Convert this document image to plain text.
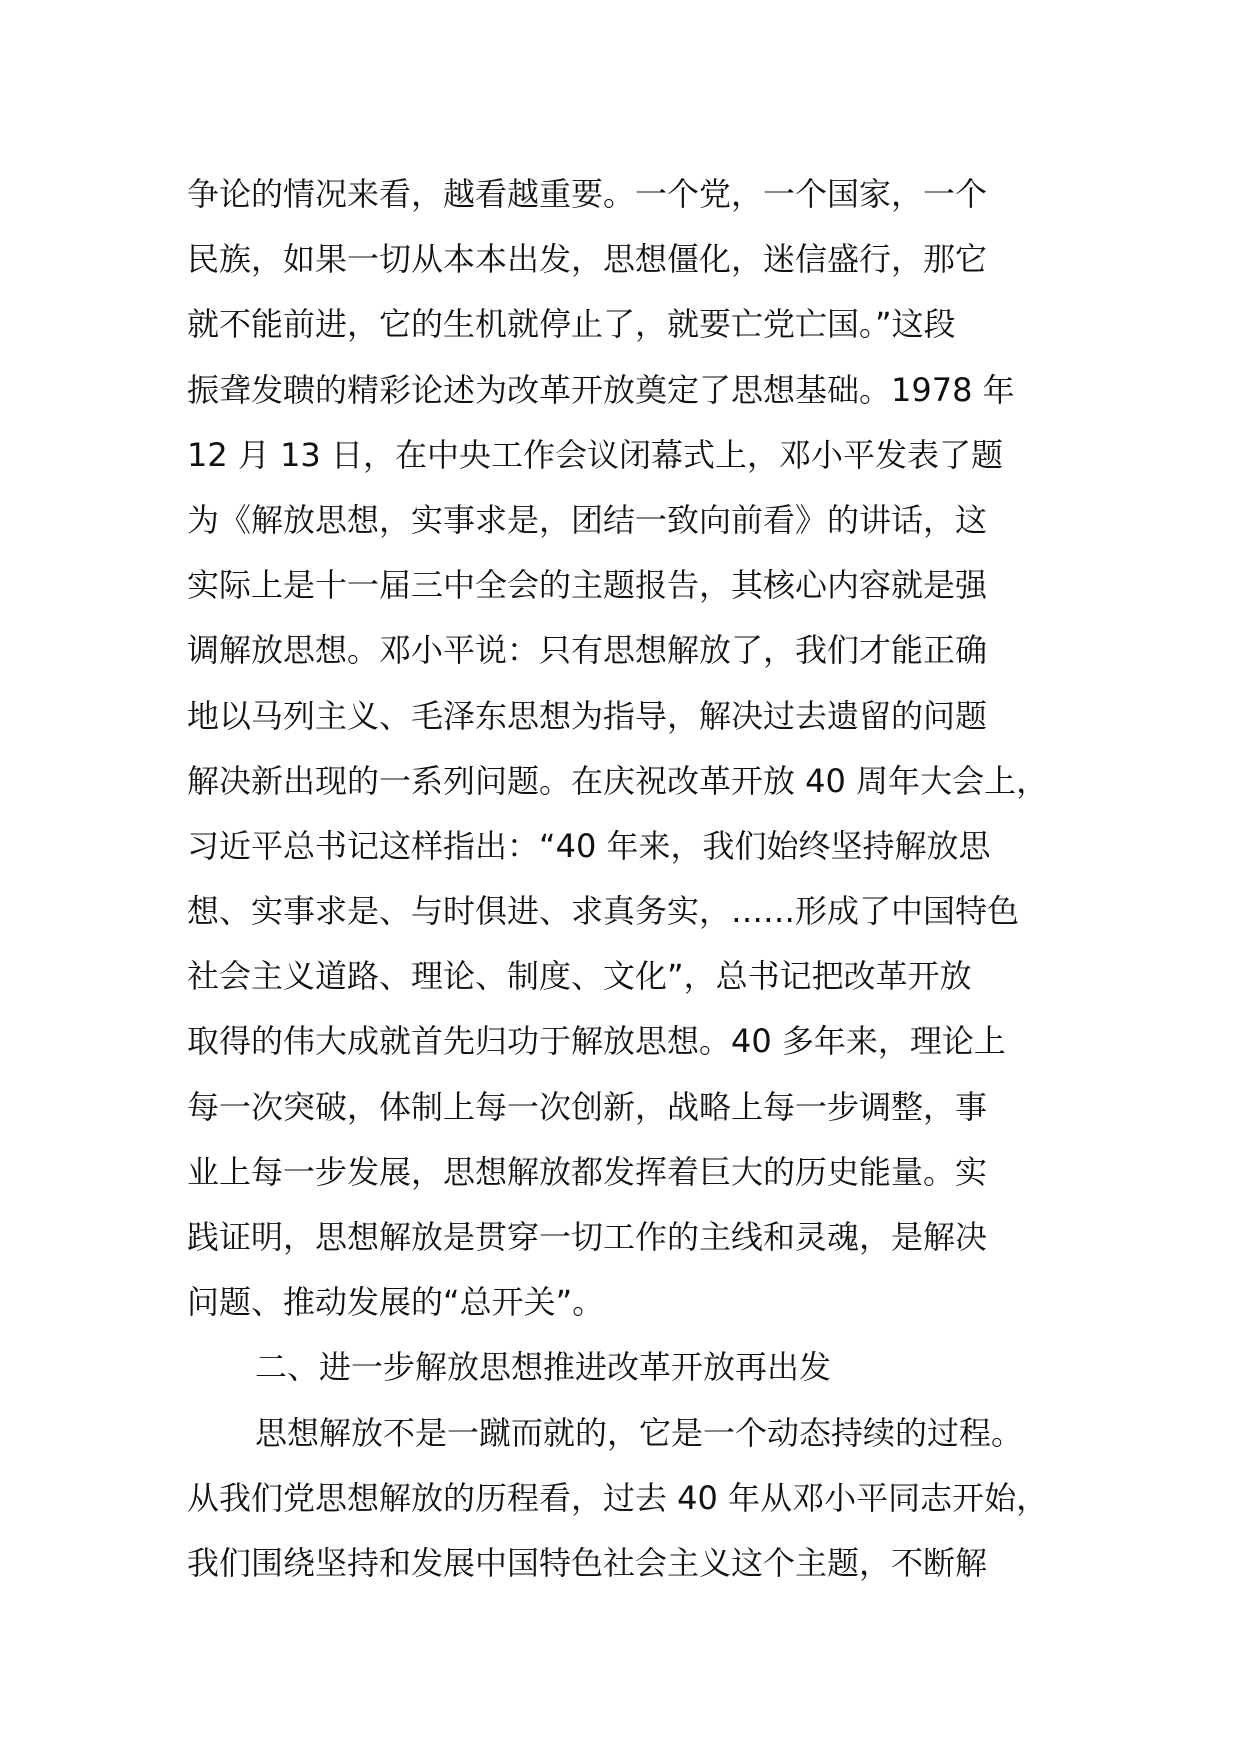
争论的情况来看，越看越重要。一个党，一个国家，一个
民族，如果一切从本本出发，思想僵化，迷信盛行，那它
就不能前进，它的生机就停止了，就要亡党亡国。”这段
振聋发聩的精彩论述为改革开放奠定了思想基础。1978 年
12 月 13 日，在中央工作会议闭幕式上，邓小平发表了题
为《解放思想，实事求是，团结一致向前看》的讲话，这
实际上是十一届三中全会的主题报告，其核心内容就是强
调解放思想。邓小平说：只有思想解放了，我们才能正确
地以马列主义、毛泽东思想为指导，解决过去遗留的问题
解决新出现的一系列问题。在庆祝改革开放 40 周年大会上，
习近平总书记这样指出：“40 年来，我们始终坚持解放思
想、实事求是、与时俱进、求真务实，……形成了中国特色
社会主义道路、理论、制度、文化”，总书记把改革开放
取得的伟大成就首先归功于解放思想。40 多年来，理论上
每一次突破，体制上每一次创新，战略上每一步调整，事
业上每一步发展，思想解放都发挥着巨大的历史能量。实
践证明，思想解放是贯穿一切工作的主线和灵魂，是解决
问题、推动发展的“总开关”。
二、进一步解放思想推进改革开放再出发
思想解放不是一蹴而就的，它是一个动态持续的过程。
从我们党思想解放的历程看，过去 40 年从邓小平同志开始，
我们围绕坚持和发展中国特色社会主义这个主题，不断解
